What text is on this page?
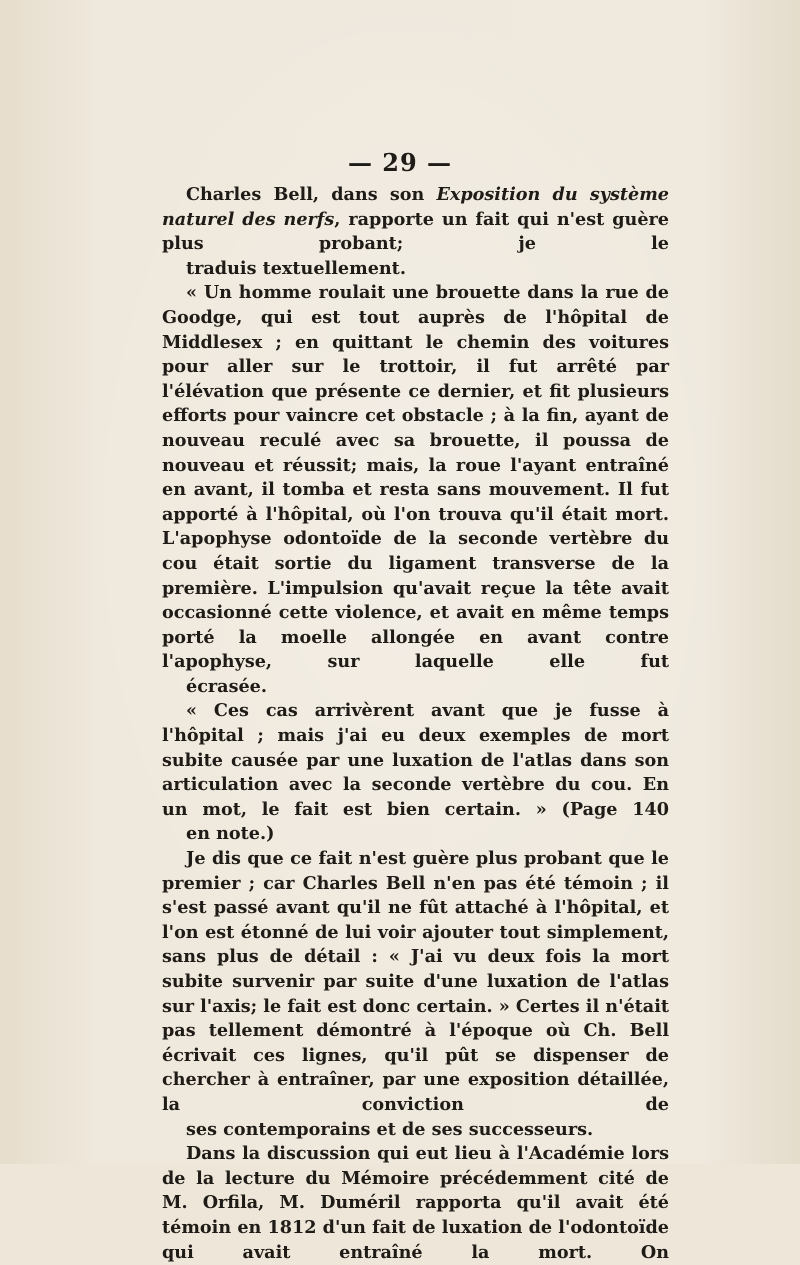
— 29 —

Charles Bell, dans son Exposition du système naturel des nerfs, rapporte un fait qui n'est guère plus probant; je le
traduis textuellement.

« Un homme roulait une brouette dans la rue de Goodge, qui est tout auprès de l'hôpital de Middlesex ; en quittant le chemin des voitures pour aller sur le trottoir, il fut arrêté par l'élévation que présente ce dernier, et fit plusieurs efforts pour vaincre cet obstacle ; à la fin, ayant de nouveau reculé avec sa brouette, il poussa de nouveau et réussit; mais, la roue l'ayant entraîné en avant, il tomba et resta sans mouvement. Il fut apporté à l'hôpital, où l'on trouva qu'il était mort. L'apophyse odontoïde de la seconde vertèbre du cou était sortie du ligament transverse de la première. L'impulsion qu'avait reçue la tête avait occasionné cette violence, et avait en même temps porté la moelle allongée en avant contre l'apophyse, sur laquelle elle fut
écrasée.

« Ces cas arrivèrent avant que je fusse à l'hôpital ; mais j'ai eu deux exemples de mort subite causée par une luxation de l'atlas dans son articulation avec la seconde vertèbre du cou. En un mot, le fait est bien certain. » (Page 140
en note.)

Je dis que ce fait n'est guère plus probant que le premier ; car Charles Bell n'en pas été témoin ; il s'est passé avant qu'il ne fût attaché à l'hôpital, et l'on est étonné de lui voir ajouter tout simplement, sans plus de détail : « J'ai vu deux fois la mort subite survenir par suite d'une luxation de l'atlas sur l'axis; le fait est donc certain. » Certes il n'était pas tellement démontré à l'époque où Ch. Bell écrivait ces lignes, qu'il pût se dispenser de chercher à entraîner, par une exposition détaillée, la conviction de
ses contemporains et de ses successeurs.

Dans la discussion qui eut lieu à l'Académie lors de la lecture du Mémoire précédemment cité de M. Orfila, M. Duméril rapporta qu'il avait été témoin en 1812 d'un fait de luxation de l'odontoïde qui avait entraîné la mort. On
